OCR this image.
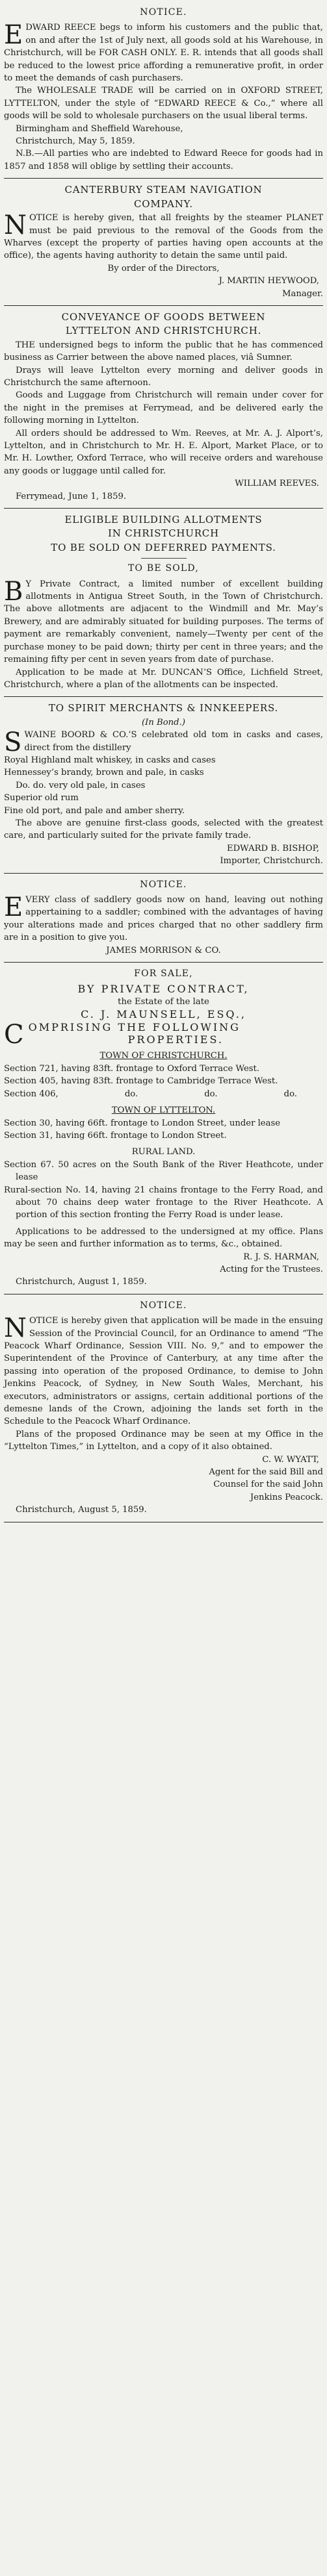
NOTICE.

EDWARD REECE begs to inform his customers and the public that, on and after the 1st of July next, all goods sold at his Warehouse, in Christchurch, will be FOR CASH ONLY. E. R. intends that all goods shall be reduced to the lowest price affording a remunerative profit, in order to meet the demands of cash purchasers.

The WHOLESALE TRADE will be carried on in OXFORD STREET, LYTTELTON, under the style of “EDWARD REECE & Co.,” where all goods will be sold to wholesale purchasers on the usual liberal terms.

Birmingham and Sheffield Warehouse,

Christchurch, May 5, 1859.

N.B.—All parties who are indebted to Edward Reece for goods had in 1857 and 1858 will oblige by settling their accounts.

CANTERBURY STEAM NAVIGATION
COMPANY.

NOTICE is hereby given, that all freights by the steamer PLANET must be paid previous to the removal of the Goods from the Wharves (except the property of parties having open accounts at the office), the agents having authority to detain the same until paid.

By order of the Directors,

J. MARTIN HEYWOOD,

Manager.

CONVEYANCE OF GOODS BETWEEN
LYTTELTON AND CHRISTCHURCH.

THE undersigned begs to inform the public that he has commenced business as Carrier between the above named places, viâ Sumner.

Drays will leave Lyttelton every morning and deliver goods in Christchurch the same afternoon.

Goods and Luggage from Christchurch will remain under cover for the night in the premises at Ferrymead, and be delivered early the following morning in Lyttelton.

All orders should be addressed to Wm. Reeves, at Mr. A. J. Alport’s, Lyttelton, and in Christchurch to Mr. H. E. Alport, Market Place, or to Mr. H. Lowther, Oxford Terrace, who will receive orders and warehouse any goods or luggage until called for.

WILLIAM REEVES.

Ferrymead, June 1, 1859.

ELIGIBLE BUILDING ALLOTMENTS
IN CHRISTCHURCH
TO BE SOLD ON DEFERRED PAYMENTS.
TO BE SOLD,

B Y Private Contract, a limited number of excellent building allotments in Antigua Street South, in the Town of Christchurch. The above allotments are adjacent to the Windmill and Mr. May’s Brewery, and are admirably situated for building purposes. The terms of payment are remarkably convenient, namely—Twenty per cent of the purchase money to be paid down; thirty per cent in three years; and the remaining fifty per cent in seven years from date of purchase.

Application to be made at Mr. DUNCAN’S Office, Lichfield Street, Christchurch, where a plan of the allotments can be inspected.

TO SPIRIT MERCHANTS & INNKEEPERS.
(In Bond.)

SWAINE BOORD & CO.’S celebrated old tom in casks and cases, direct from the distillery

Royal Highland malt whiskey, in casks and cases

Hennessey’s brandy, brown and pale, in casks

Do. do. very old pale, in cases

Superior old rum

Fine old port, and pale and amber sherry.

The above are genuine first-class goods, selected with the greatest care, and particularly suited for the private family trade.

EDWARD B. BISHOP,

Importer, Christchurch.

NOTICE.

EVERY class of saddlery goods now on hand, leaving out nothing appertaining to a saddler; combined with the advantages of having your alterations made and prices charged that no other saddlery firm are in a position to give you.

JAMES MORRISON & CO.

FOR SALE,
BY PRIVATE CONTRACT,
the Estate of the late
C. J. MAUNSELL, ESQ.,

COMPRISING THE FOLLOWING

PROPERTIES.
TOWN OF CHRISTCHURCH.

Section 721, having 83ft. frontage to Oxford Terrace West.

Section 405, having 83ft. frontage to Cambridge Terrace West.

Section 406,	do.	do.	do.

TOWN OF LYTTELTON.

Section 30, having 66ft. frontage to London Street, under lease

Section 31, having 66ft. frontage to London Street.

RURAL LAND.

Section 67. 50 acres on the South Bank of the River Heathcote, under lease

Rural-section No. 14, having 21 chains frontage to the Ferry Road, and about 70 chains deep water frontage to the River Heathcote. A portion of this section fronting the Ferry Road is under lease.

Applications to be addressed to the undersigned at my office. Plans may be seen and further information as to terms, &c., obtained.

R. J. S. HARMAN,

Acting for the Trustees.

Christchurch, August 1, 1859.

NOTICE.

NOTICE is hereby given that application will be made in the ensuing Session of the Provincial Council, for an Ordinance to amend “The Peacock Wharf Ordinance, Session VIII. No. 9,” and to empower the Superintendent of the Province of Canterbury, at any time after the passing into operation of the proposed Ordinance, to demise to John Jenkins Peacock, of Sydney, in New South Wales, Merchant, his executors, administrators or assigns, certain additional portions of the demesne lands of the Crown, adjoining the lands set forth in the Schedule to the Peacock Wharf Ordinance.

Plans of the proposed Ordinance may be seen at my Office in the “Lyttelton Times,” in Lyttelton, and a copy of it also obtained.

C. W. WYATT,

Agent for the said Bill and

Counsel for the said John

Jenkins Peacock.

Christchurch, August 5, 1859.
